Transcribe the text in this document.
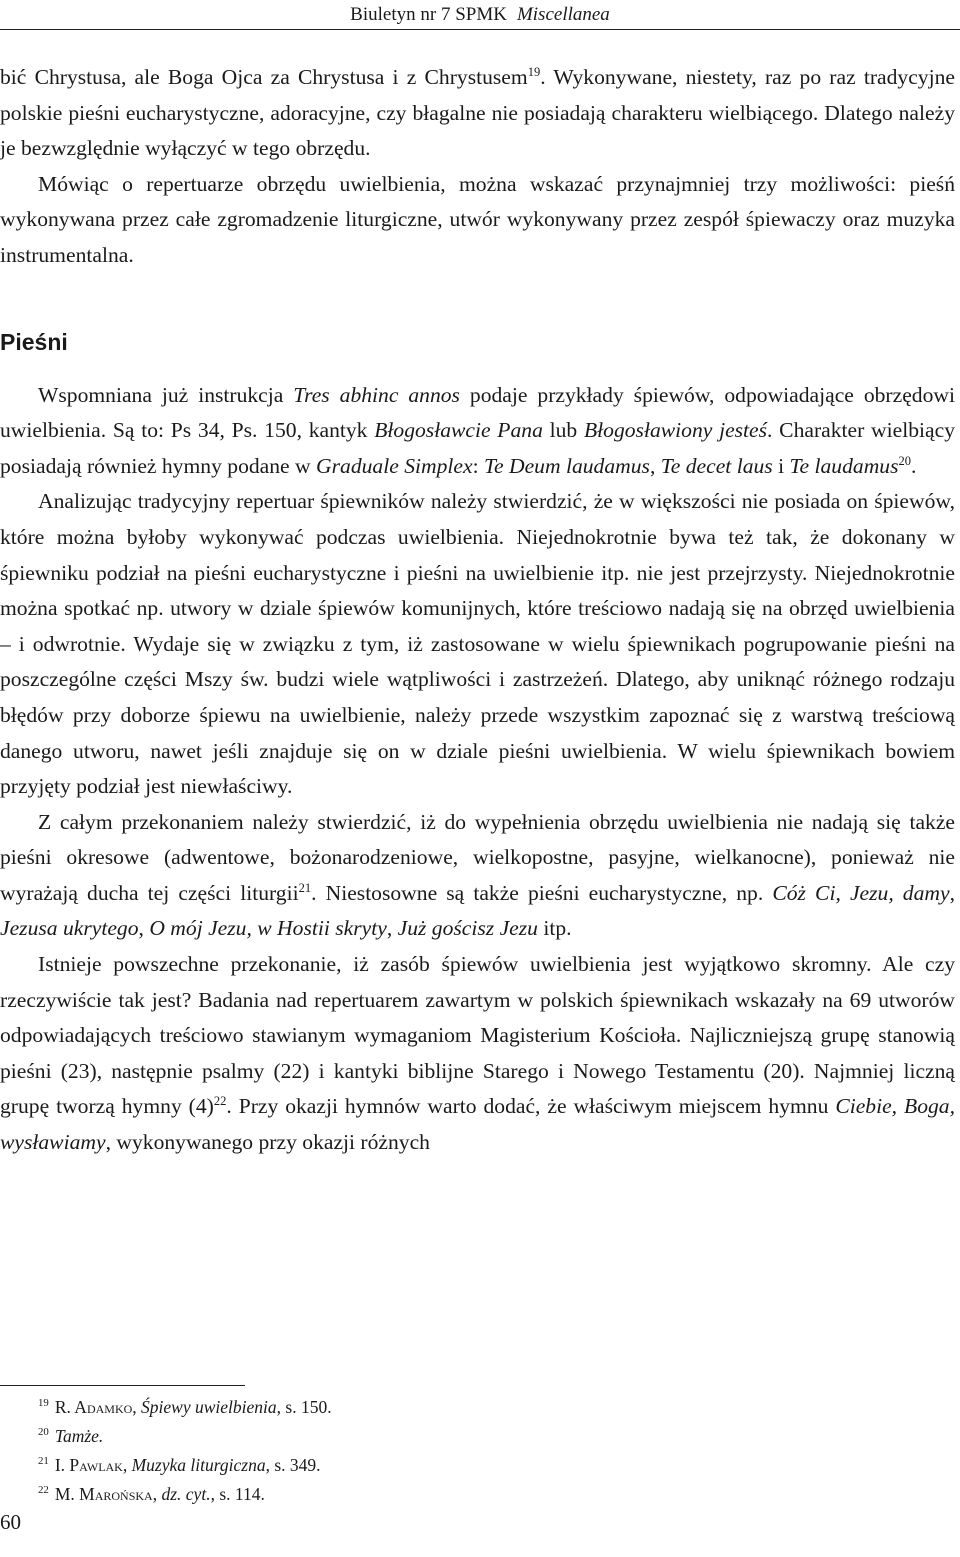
Biuletyn nr 7 SPMK Miscellanea

bić Chrystusa, ale Boga Ojca za Chrystusa i z Chrystusem$^{19}$. Wykonywane, niestety, raz po raz tradycyjne polskie pieśni eucharystyczne, adoracyjne, czy błagalne nie posiadają charakteru wielbiącego. Dlatego należy je bezwzględnie wyłączyć w tego obrzędu.

Mówiąc o repertuarze obrzędu uwielbienia, można wskazać przynajmniej trzy możliwości: pieśń wykonywana przez całe zgromadzenie liturgiczne, utwór wykonywany przez zespół śpiewaczy oraz muzyka instrumentalna.

Pieśni

Wspomniana już instrukcja Tres abhinc annos podaje przykłady śpiewów, odpowiadające obrzędowi uwielbienia. Są to: Ps 34, Ps. 150, kantyk Błogosławcie Pana lub Błogosławiony jesteś. Charakter wielbiący posiadają również hymny podane w Graduale Simplex: Te Deum laudamus, Te decet laus i Te laudamus$^{20}$.

Analizując tradycyjny repertuar śpiewników należy stwierdzić, że w większości nie posiada on śpiewów, które można byłoby wykonywać podczas uwielbienia. Niejednokrotnie bywa też tak, że dokonany w śpiewniku podział na pieśni eucharystyczne i pieśni na uwielbienie itp. nie jest przejrzysty. Niejednokrotnie można spotkać np. utwory w dziale śpiewów komunijnych, które treściowo nadają się na obrzęd uwielbienia – i odwrotnie. Wydaje się w związku z tym, iż zastosowane w wielu śpiewnikach pogrupowanie pieśni na poszczególne części Mszy św. budzi wiele wątpliwości i zastrzeżeń. Dlatego, aby uniknąć różnego rodzaju błędów przy doborze śpiewu na uwielbienie, należy przede wszystkim zapoznać się z warstwą treściową danego utworu, nawet jeśli znajduje się on w dziale pieśni uwielbienia. W wielu śpiewnikach bowiem przyjęty podział jest niewłaściwy.

Z całym przekonaniem należy stwierdzić, iż do wypełnienia obrzędu uwielbienia nie nadają się także pieśni okresowe (adwentowe, bożonarodzeniowe, wielkopostne, pasyjne, wielkanocne), ponieważ nie wyrażają ducha tej części liturgii$^{21}$. Niestosowne są także pieśni eucharystyczne, np. Cóż Ci, Jezu, damy, Jezusa ukrytego, O mój Jezu, w Hostii skryty, Już gościsz Jezu itp.

Istnieje powszechne przekonanie, iż zasób śpiewów uwielbienia jest wyjątkowo skromny. Ale czy rzeczywiście tak jest? Badania nad repertuarem zawartym w polskich śpiewnikach wskazały na 69 utworów odpowiadających treściowo stawianym wymaganiom Magisterium Kościoła. Najliczniejszą grupę stanowią pieśni (23), następnie psalmy (22) i kantyki biblijne Starego i Nowego Testamentu (20). Najmniej liczną grupę tworzą hymny $(4)^{22}$. Przy okazji hymnów warto dodać, że właściwym miejscem hymnu Ciebie, Boga, wysławiamy, wykonywanego przy okazji różnych

$^{19}$ R. Adamko, Śpiewy uwielbienia, s. 150.

$^{20}$ Tamże.

$^{21}$ I. Pawlak, Muzyka liturgiczna, s. 349.

$^{22}$ M. Marońska, dz. cyt., s. 114.

60
